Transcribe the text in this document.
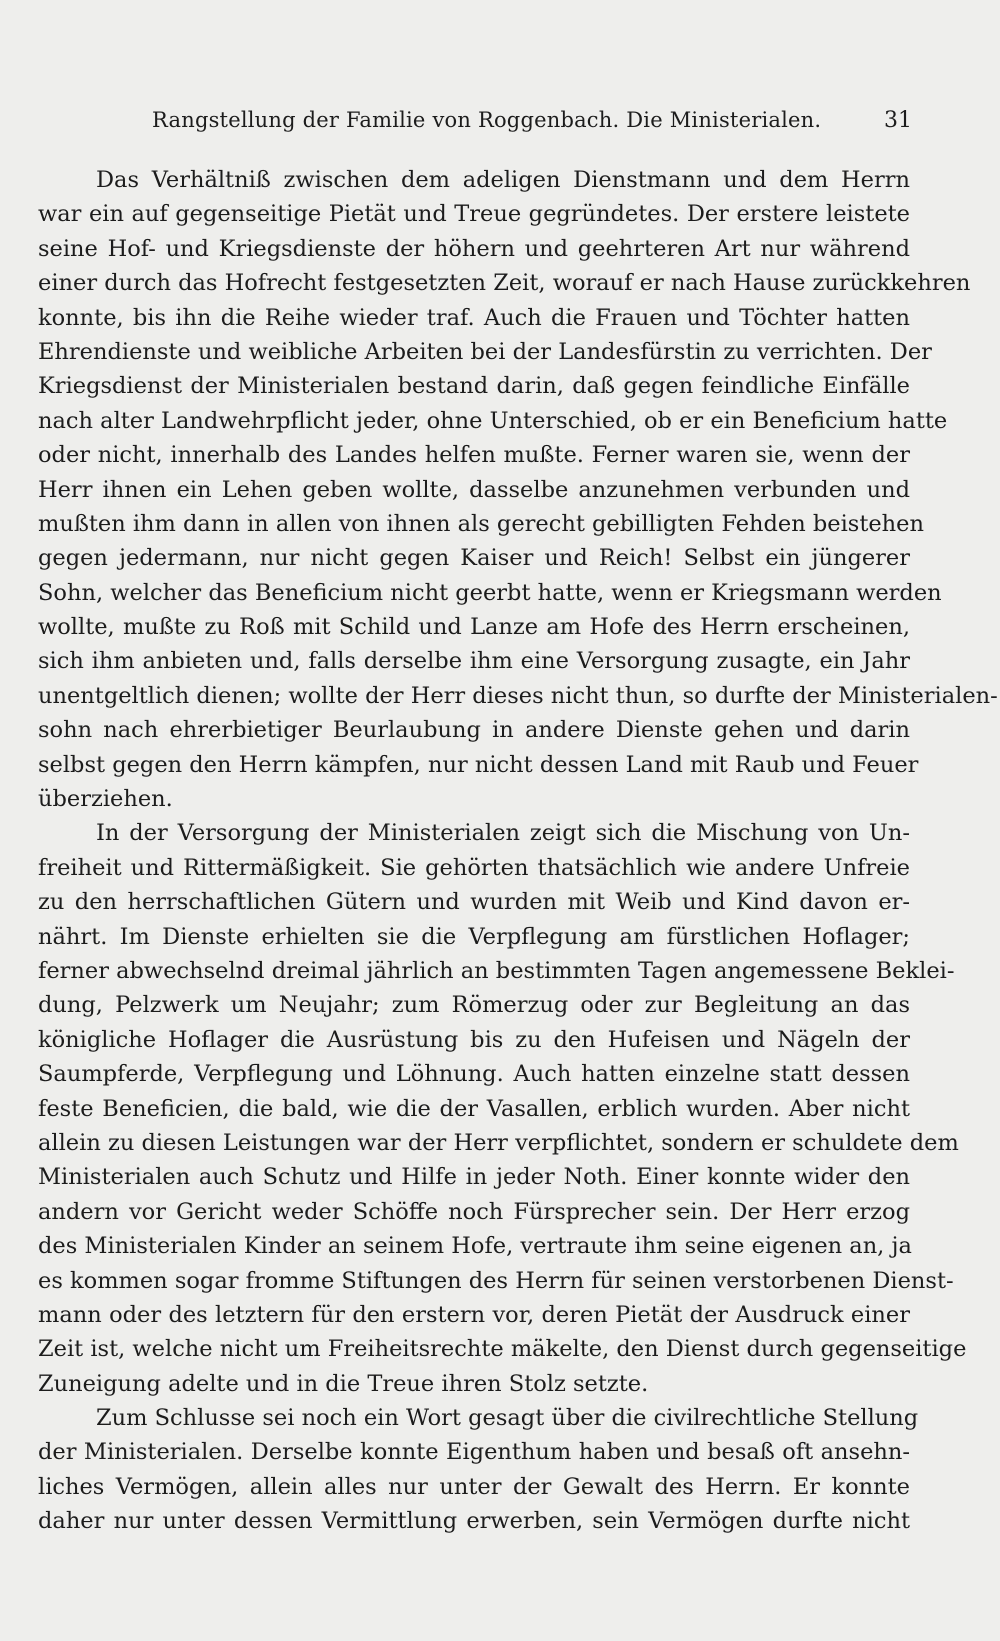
Rangstellung der Familie von Roggenbach. Die Ministerialen.	31
Das Verhältniß zwischen dem adeligen Dienstmann und dem Herrn
war ein auf gegenseitige Pietät und Treue gegründetes. Der erstere leistete
seine Hof- und Kriegsdienste der höhern und geehrteren Art nur während
einer durch das Hofrecht festgesetzten Zeit, worauf er nach Hause zurückkehren
konnte, bis ihn die Reihe wieder traf. Auch die Frauen und Töchter hatten
Ehrendienste und weibliche Arbeiten bei der Landesfürstin zu verrichten. Der
Kriegsdienst der Ministerialen bestand darin, daß gegen feindliche Einfälle
nach alter Landwehrpflicht jeder, ohne Unterschied, ob er ein Beneficium hatte
oder nicht, innerhalb des Landes helfen mußte. Ferner waren sie, wenn der
Herr ihnen ein Lehen geben wollte, dasselbe anzunehmen verbunden und
mußten ihm dann in allen von ihnen als gerecht gebilligten Fehden beistehen
gegen jedermann, nur nicht gegen Kaiser und Reich! Selbst ein jüngerer
Sohn, welcher das Beneficium nicht geerbt hatte, wenn er Kriegsmann werden
wollte, mußte zu Roß mit Schild und Lanze am Hofe des Herrn erscheinen,
sich ihm anbieten und, falls derselbe ihm eine Versorgung zusagte, ein Jahr
unentgeltlich dienen; wollte der Herr dieses nicht thun, so durfte der Ministerialen-
sohn nach ehrerbietiger Beurlaubung in andere Dienste gehen und darin
selbst gegen den Herrn kämpfen, nur nicht dessen Land mit Raub und Feuer
überziehen.
In der Versorgung der Ministerialen zeigt sich die Mischung von Un-
freiheit und Rittermäßigkeit. Sie gehörten thatsächlich wie andere Unfreie
zu den herrschaftlichen Gütern und wurden mit Weib und Kind davon er-
nährt. Im Dienste erhielten sie die Verpflegung am fürstlichen Hoflager;
ferner abwechselnd dreimal jährlich an bestimmten Tagen angemessene Beklei-
dung, Pelzwerk um Neujahr; zum Römerzug oder zur Begleitung an das
königliche Hoflager die Ausrüstung bis zu den Hufeisen und Nägeln der
Saumpferde, Verpflegung und Löhnung. Auch hatten einzelne statt dessen
feste Beneficien, die bald, wie die der Vasallen, erblich wurden. Aber nicht
allein zu diesen Leistungen war der Herr verpflichtet, sondern er schuldete dem
Ministerialen auch Schutz und Hilfe in jeder Noth. Einer konnte wider den
andern vor Gericht weder Schöffe noch Fürsprecher sein. Der Herr erzog
des Ministerialen Kinder an seinem Hofe, vertraute ihm seine eigenen an, ja
es kommen sogar fromme Stiftungen des Herrn für seinen verstorbenen Dienst-
mann oder des letztern für den erstern vor, deren Pietät der Ausdruck einer
Zeit ist, welche nicht um Freiheitsrechte mäkelte, den Dienst durch gegenseitige
Zuneigung adelte und in die Treue ihren Stolz setzte.
Zum Schlusse sei noch ein Wort gesagt über die civilrechtliche Stellung
der Ministerialen. Derselbe konnte Eigenthum haben und besaß oft ansehn-
liches Vermögen, allein alles nur unter der Gewalt des Herrn. Er konnte
daher nur unter dessen Vermittlung erwerben, sein Vermögen durfte nicht
